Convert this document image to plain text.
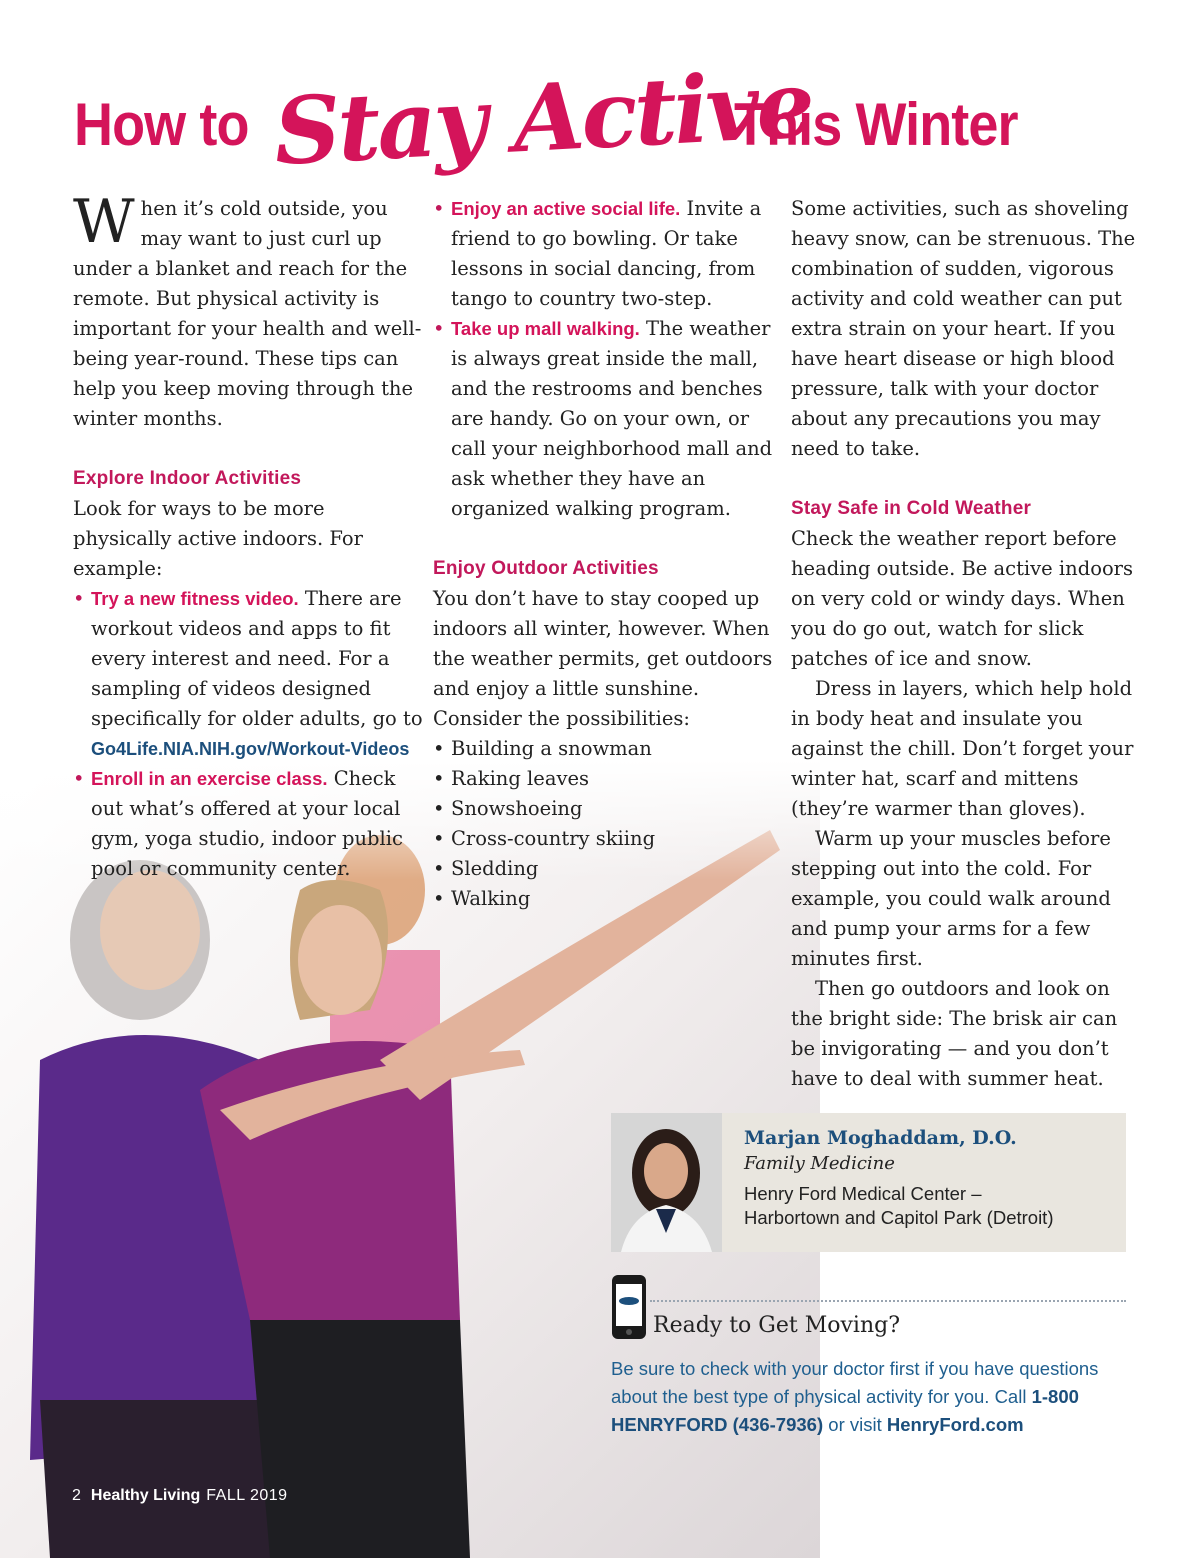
How to Stay Active
This Winter

When it’s cold outside, you may want to just curl up under a blanket and reach for the remote. But physical activity is important for your health and well-being year-round. These tips can help you keep moving through the winter months.

Explore Indoor Activities

Look for ways to be more physically active indoors. For example:

• Try a new fitness video. There are workout videos and apps to fit every interest and need. For a sampling of videos designed specifically for older adults, go to Go4Life.NIA.NIH.gov/Workout-Videos
• Enroll in an exercise class. Check out what’s offered at your local gym, yoga studio, indoor public pool or community center.
• Enjoy an active social life. Invite a friend to go bowling. Or take lessons in social dancing, from tango to country two-step.
• Take up mall walking. The weather is always great inside the mall, and the restrooms and benches are handy. Go on your own, or call your neighborhood mall and ask whether they have an organized walking program.

Enjoy Outdoor Activities

You don’t have to stay cooped up indoors all winter, however. When the weather permits, get outdoors and enjoy a little sunshine. Consider the possibilities:

• Building a snowman
• Raking leaves
• Snowshoeing
• Cross-country skiing
• Sledding
• Walking

Some activities, such as shoveling heavy snow, can be strenuous. The combination of sudden, vigorous activity and cold weather can put extra strain on your heart. If you have heart disease or high blood pressure, talk with your doctor about any precautions you may need to take.

Stay Safe in Cold Weather

Check the weather report before heading outside. Be active indoors on very cold or windy days. When you do go out, watch for slick patches of ice and snow.

Dress in layers, which help hold in body heat and insulate you against the chill. Don’t forget your winter hat, scarf and mittens (they’re warmer than gloves).

Warm up your muscles before stepping out into the cold. For example, you could walk around and pump your arms for a few minutes first.

Then go outdoors and look on the bright side: The brisk air can be invigorating — and you don’t have to deal with summer heat.

Marjan Moghaddam, D.O.

Family Medicine

Henry Ford Medical Center –

Harbortown and Capitol Park (Detroit)

Ready to Get Moving?
Be sure to check with your doctor first if you have questions about the best type of physical activity for you. Call 1-800 HENRYFORD (436-7936) or visit HenryFord.com
2 Healthy Living FALL 2019
